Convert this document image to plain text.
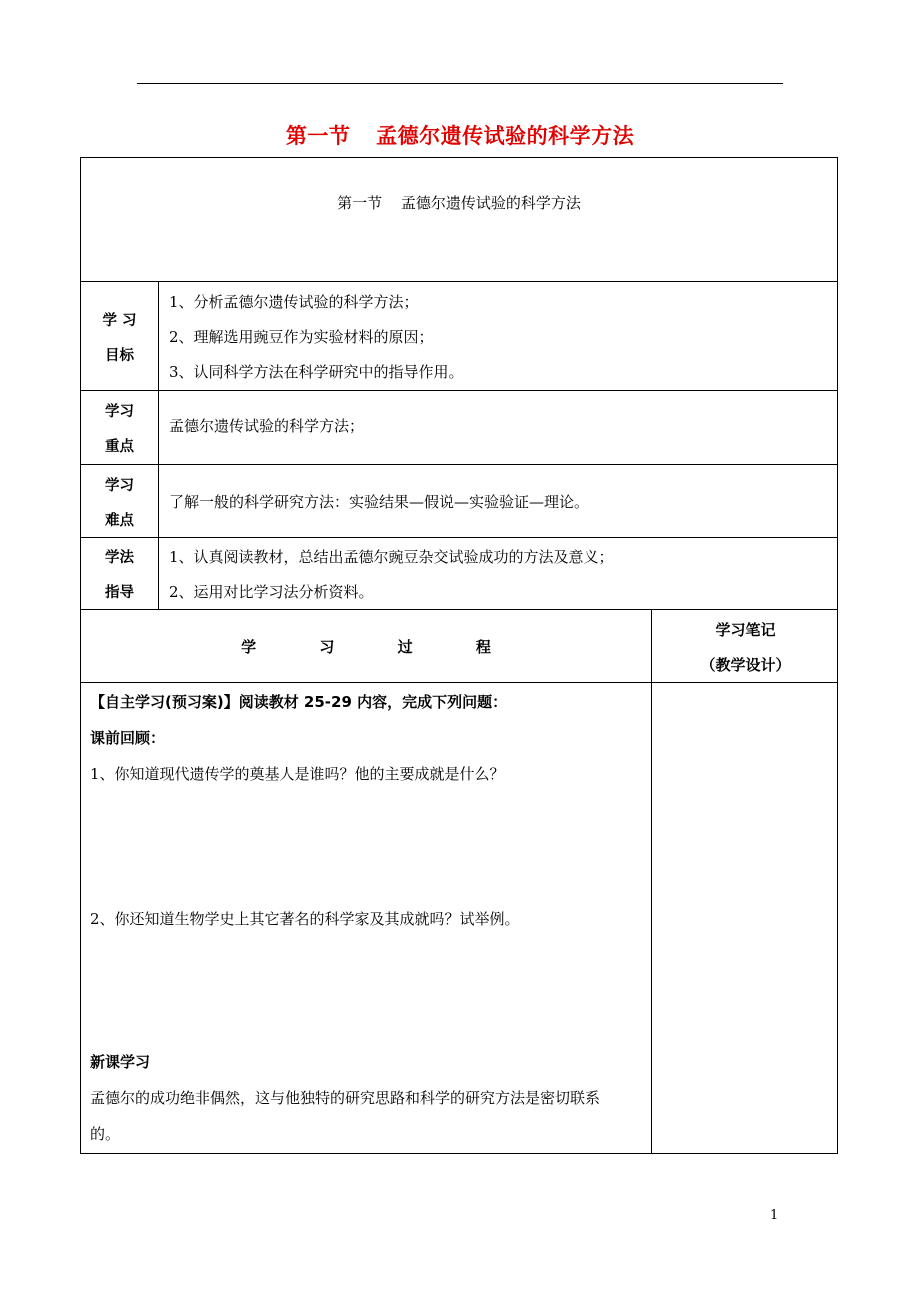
第一节 孟德尔遗传试验的科学方法
第一节 孟德尔遗传试验的科学方法
学 习
目标
1、分析孟德尔遗传试验的科学方法；
2、理解选用豌豆作为实验材料的原因；
3、认同科学方法在科学研究中的指导作用。
学习
重点
孟德尔遗传试验的科学方法；
学习
难点
了解一般的科学研究方法：实验结果—假说—实验验证—理论。
学法
指导
1、认真阅读教材，总结出孟德尔豌豆杂交试验成功的方法及意义；
2、运用对比学习法分析资料。
学 习 过 程
学习笔记
（教学设计）
【自主学习(预习案)】阅读教材 25-29 内容，完成下列问题：
课前回顾：
1、你知道现代遗传学的奠基人是谁吗？他的主要成就是什么？
2、你还知道生物学史上其它著名的科学家及其成就吗？试举例。
新课学习
孟德尔的成功绝非偶然，这与他独特的研究思路和科学的研究方法是密切联系
的。
1
